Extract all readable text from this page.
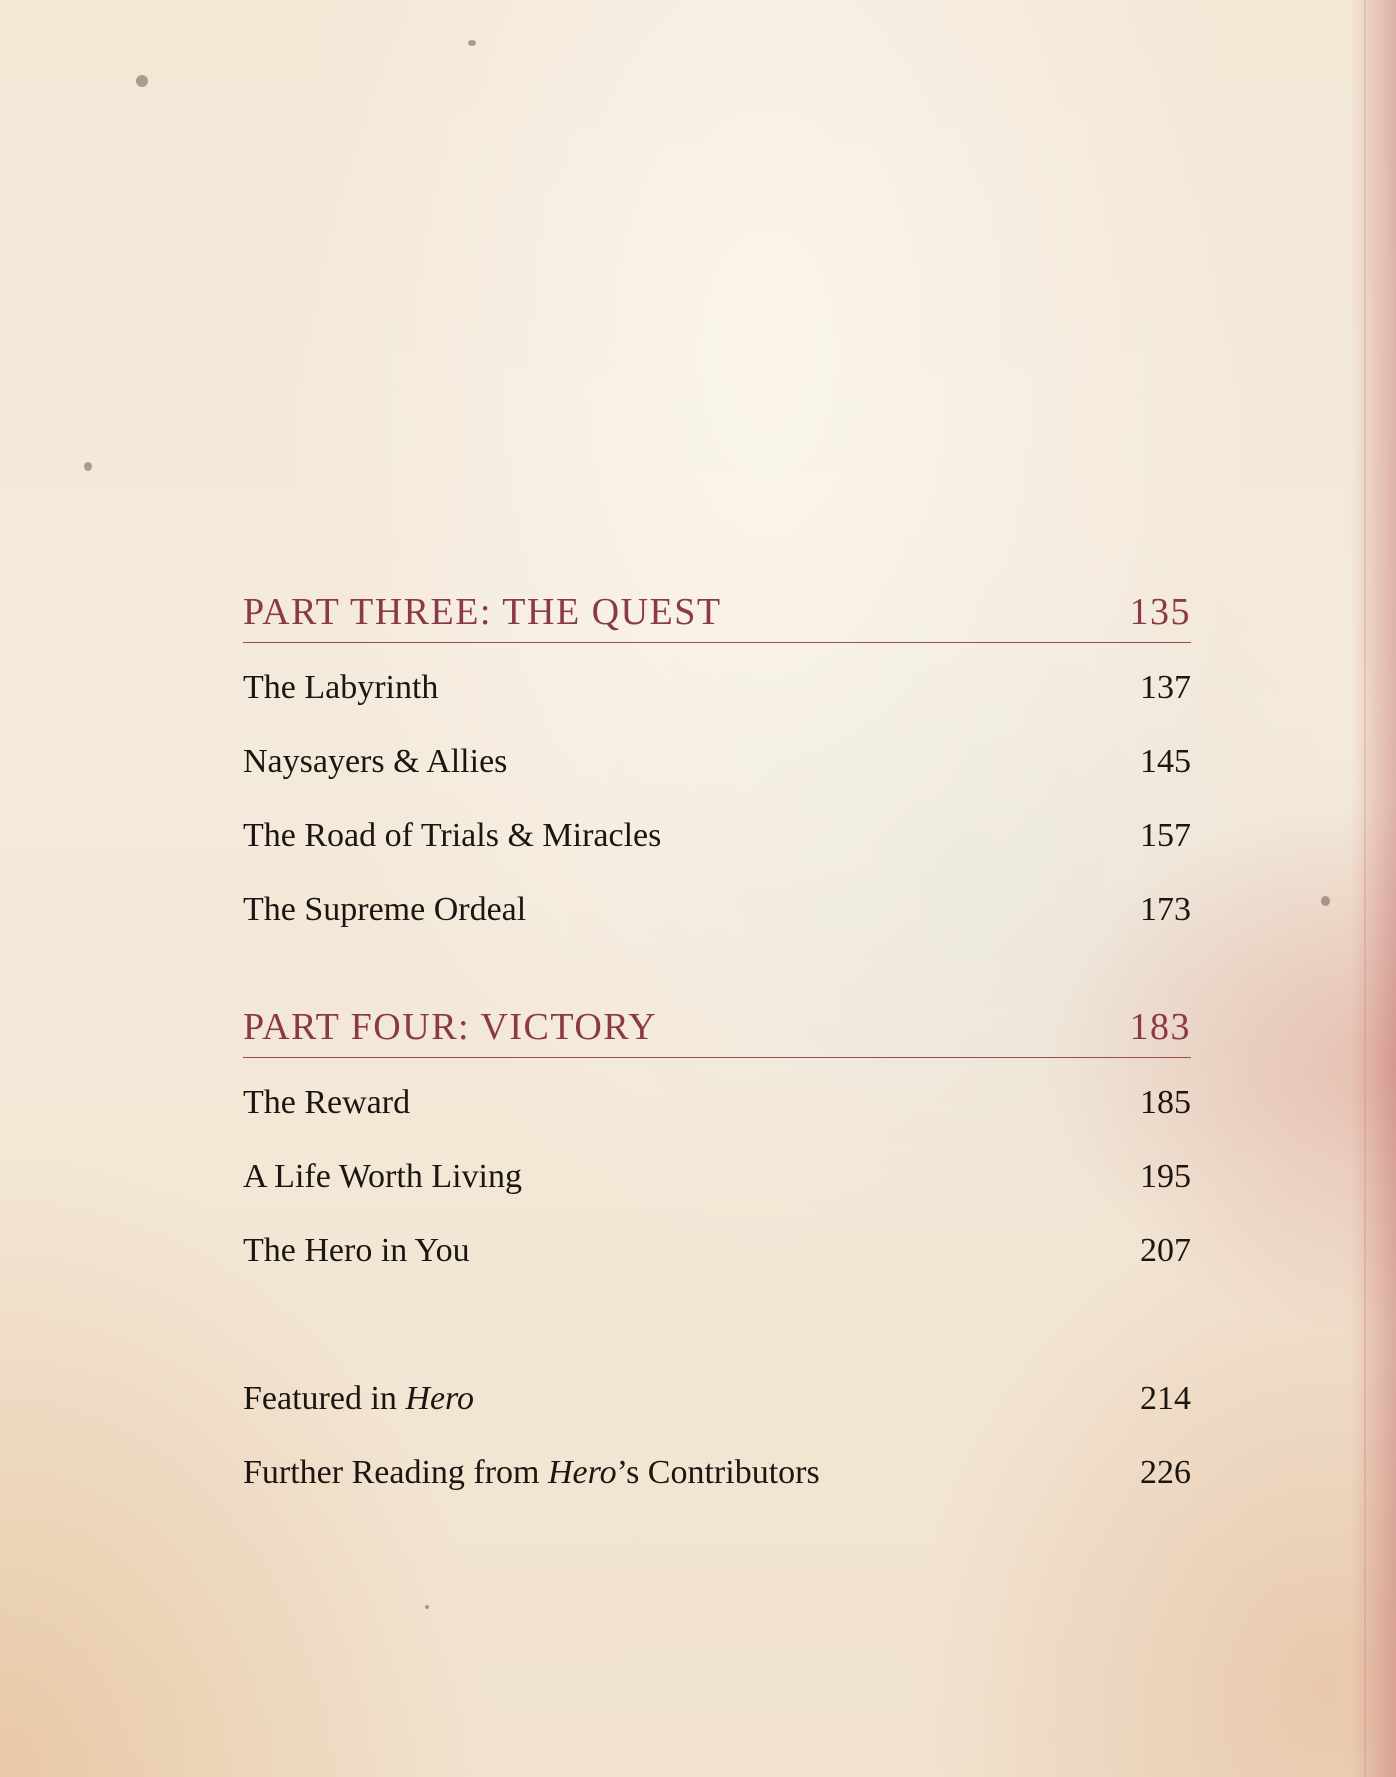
PART THREE: THE QUEST	135
The Labyrinth	137
Naysayers & Allies	145
The Road of Trials & Miracles	157
The Supreme Ordeal	173
PART FOUR: VICTORY	183
The Reward	185
A Life Worth Living	195
The Hero in You	207
Featured in Hero	214
Further Reading from Hero’s Contributors	226
